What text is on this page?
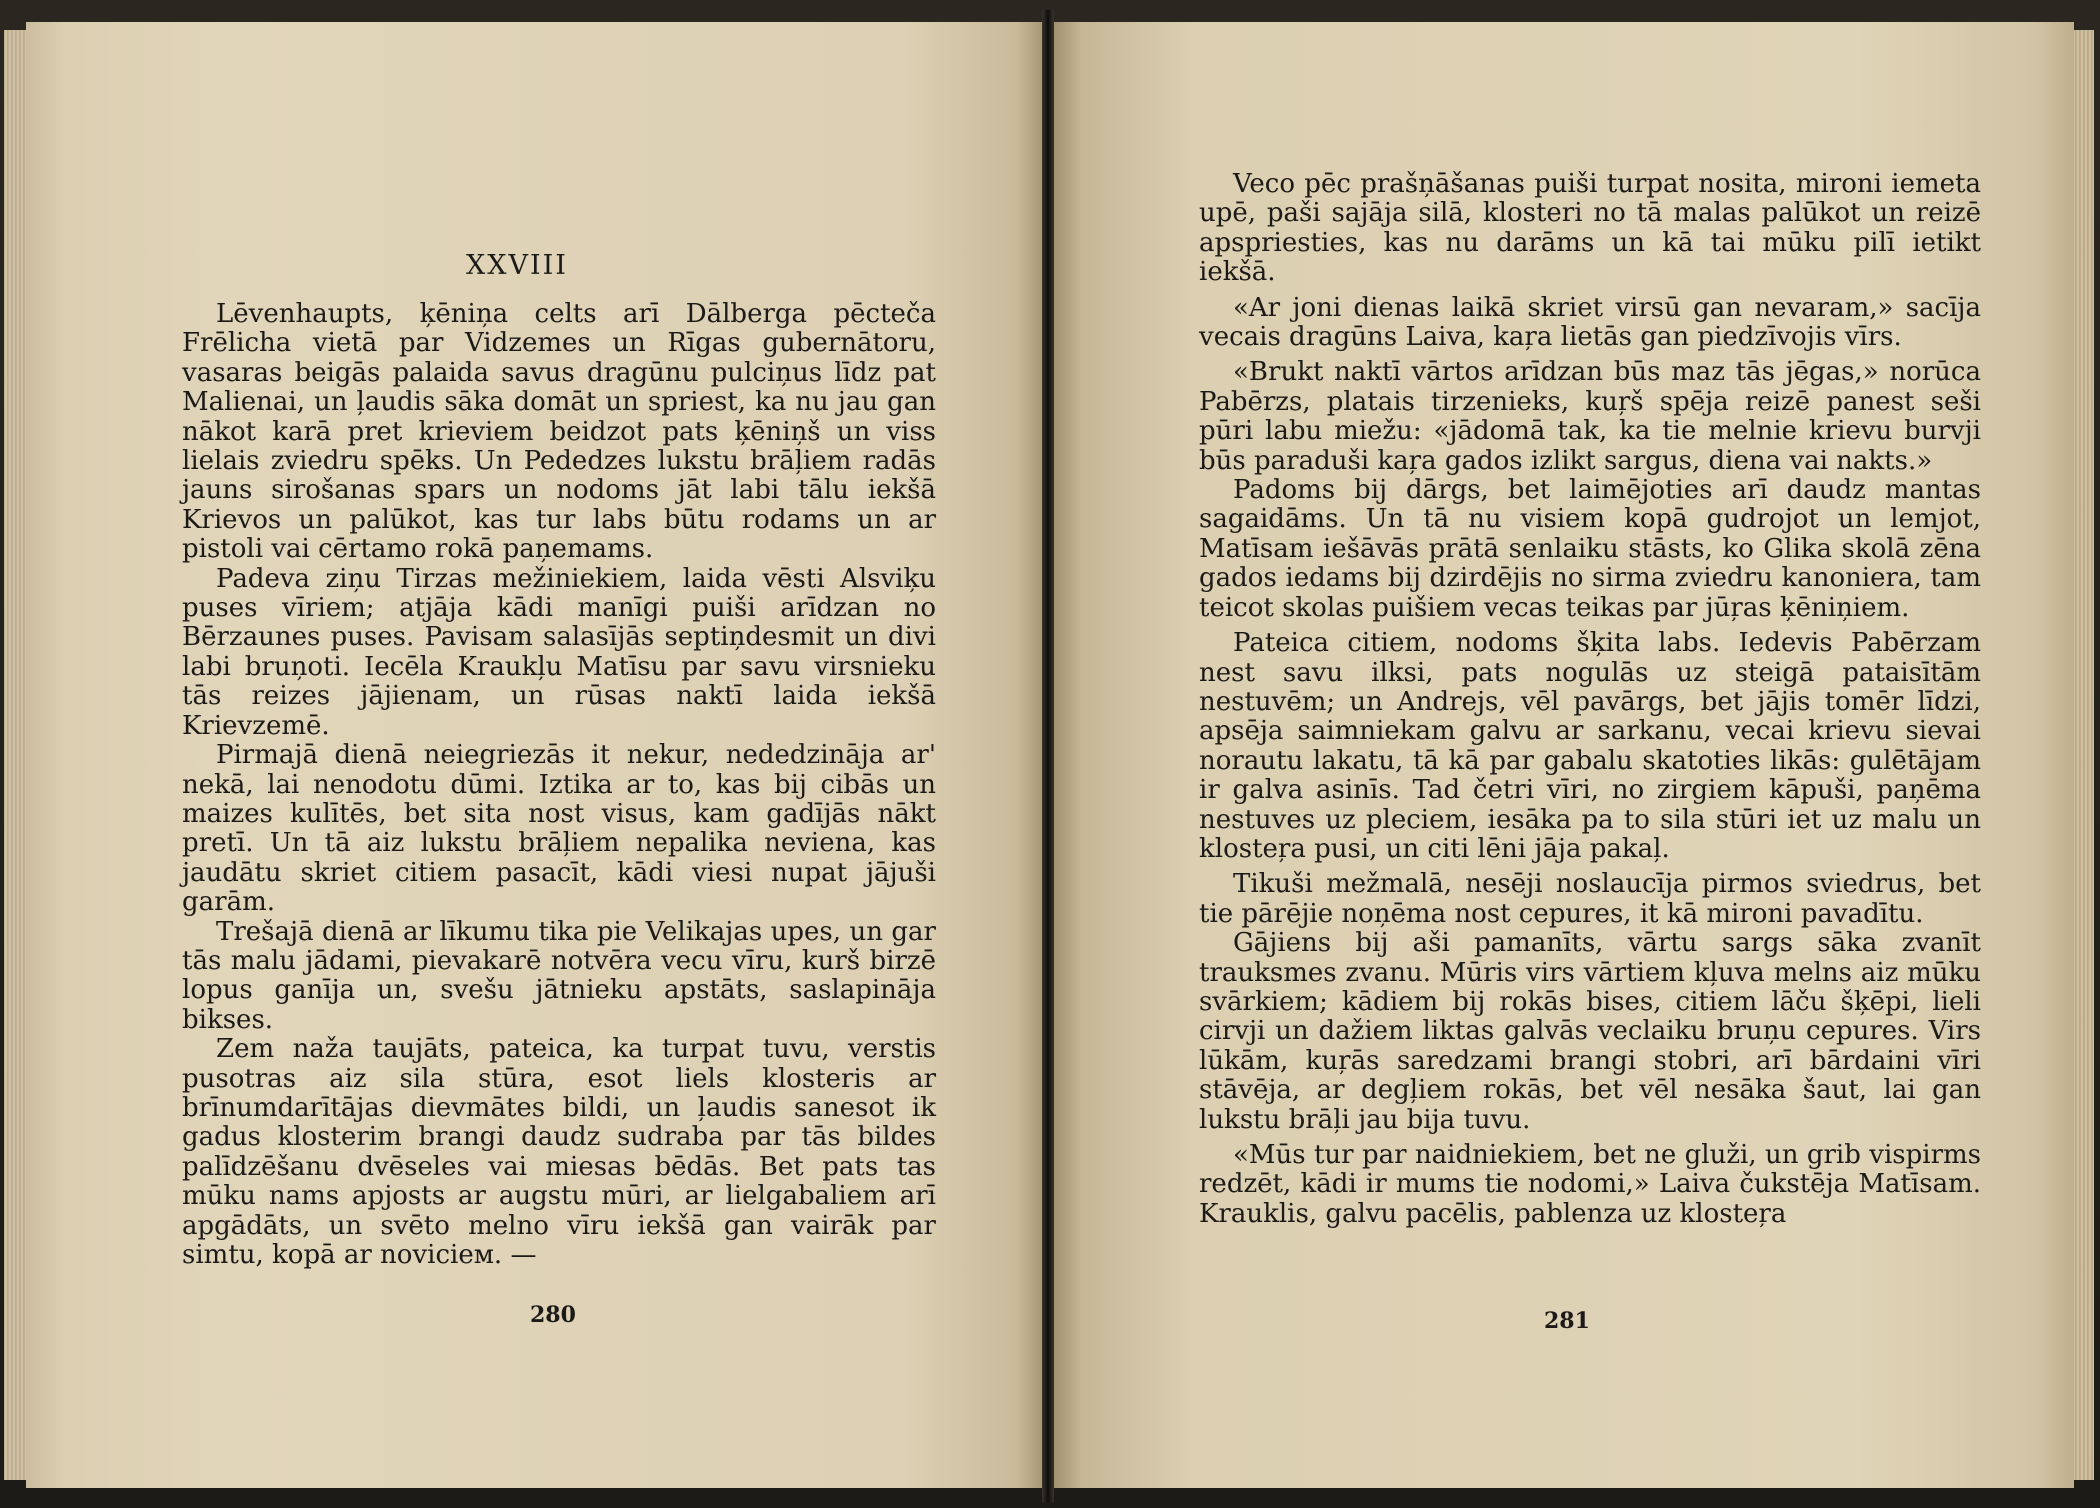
XXVIII

Lēvenhaupts, ķēniņa celts arī Dālberga pēcteča Frēlicha vietā par Vidzemes un Rīgas gubernātoru, vasaras beigās palaida savus dragūnu pulciņus līdz pat Malienai, un ļaudis sāka domāt un spriest, ka nu jau gan nākot karā pret krieviem beidzot pats ķēniņš un viss lielais zviedru spēks. Un Pededzes lukstu brāļiem radās jauns sirošanas spars un nodoms jāt labi tālu iekšā Krievos un palūkot, kas tur labs būtu rodams un ar pistoli vai cērtamo rokā paņemams.

Padeva ziņu Tirzas mežiniekiem, laida vēsti Alsviķu puses vīriem; atjāja kādi manīgi puiši arīdzan no Bērzaunes puses. Pavisam salasījās septiņdesmit un divi labi bruņoti. Iecēla Kraukļu Matīsu par savu virsnieku tās reizes jājienam, un rūsas naktī laida iekšā Krievzemē.

Pirmajā dienā neiegriezās it nekur, nededzināja ar' nekā, lai nenodotu dūmi. Iztika ar to, kas bij cibās un maizes kulītēs, bet sita nost visus, kam gadījās nākt pretī. Un tā aiz lukstu brāļiem nepalika neviena, kas jaudātu skriet citiem pasacīt, kādi viesi nupat jājuši garām.

Trešajā dienā ar līkumu tika pie Velikajas upes, un gar tās malu jādami, pievakarē notvēra vecu vīru, kurš birzē lopus ganīja un, svešu jātnieku apstāts, saslapināja bikses.

Zem naža taujāts, pateica, ka turpat tuvu, verstis pusotras aiz sila stūra, esot liels klosteris ar brīnumdarītājas dievmātes bildi, un ļaudis sanesot ik gadus klosterim brangi daudz sudraba par tās bildes palīdzēšanu dvēseles vai miesas bēdās. Bet pats tas mūku nams apjosts ar augstu mūri, ar lielgabaliem arī apgādāts, un svēto melno vīru iekšā gan vairāk par simtu, kopā ar novicieм. —

280

Veco pēc prašņāšanas puiši turpat nosita, mironi iemeta upē, paši sajāja silā, klosteri no tā malas palūkot un reizē apspriesties, kas nu darāms un kā tai mūku pilī ietikt iekšā.

«Ar joni dienas laikā skriet virsū gan nevaram,» sacīja vecais dragūns Laiva, kaŗa lietās gan piedzīvojis vīrs.

«Brukt naktī vārtos arīdzan būs maz tās jēgas,» norūca Pabērzs, platais tirzenieks, kuŗš spēja reizē panest seši pūri labu miežu: «jādomā tak, ka tie melnie krievu burvji būs paraduši kaŗa gados izlikt sargus, diena vai nakts.»

Padoms bij dārgs, bet laimējoties arī daudz mantas sagaidāms. Un tā nu visiem kopā gudrojot un lemjot, Matīsam iešāvās prātā senlaiku stāsts, ko Glika skolā zēna gados iedams bij dzirdējis no sirma zviedru kanoniera, tam teicot skolas puišiem vecas teikas par jūŗas ķēniņiem.

Pateica citiem, nodoms šķita labs. Iedevis Pabērzam nest savu ilksi, pats nogulās uz steigā pataisītām nestuvēm; un Andrejs, vēl pavārgs, bet jājis tomēr līdzi, apsēja saimniekam galvu ar sarkanu, vecai krievu sievai norautu lakatu, tā kā par gabalu skatoties likās: gulētājam ir galva asinīs. Tad četri vīri, no zirgiem kāpuši, paņēma nestuves uz pleciem, iesāka pa to sila stūri iet uz malu un klosteŗa pusi, un citi lēni jāja pakaļ.

Tikuši mežmalā, nesēji noslaucīja pirmos sviedrus, bet tie pārējie noņēma nost cepures, it kā mironi pavadītu.

Gājiens bij aši pamanīts, vārtu sargs sāka zvanīt trauksmes zvanu. Mūris virs vārtiem kļuva melns aiz mūku svārkiem; kādiem bij rokās bises, citiem lāču šķēpi, lieli cirvji un dažiem liktas galvās veclaiku bruņu cepures. Virs lūkām, kuŗās saredzami brangi stobri, arī bārdaini vīri stāvēja, ar degļiem rokās, bet vēl nesāka šaut, lai gan lukstu brāļi jau bija tuvu.

«Mūs tur par naidniekiem, bet ne gluži, un grib vispirms redzēt, kādi ir mums tie nodomi,» Laiva čukstēja Matīsam. Krauklis, galvu pacēlis, pablenza uz klosteŗa

281
